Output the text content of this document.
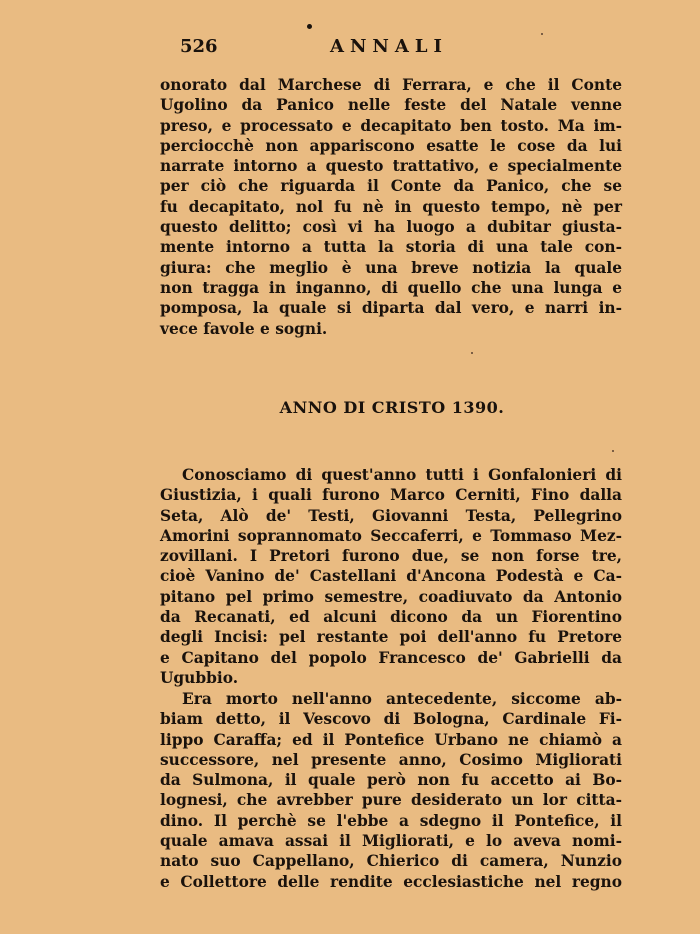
526	ANNALI
onorato dal Marchese di Ferrara, e che il Conte
Ugolino da Panico nelle feste del Natale venne
preso, e processato e decapitato ben tosto. Ma im-
perciocchè non appariscono esatte le cose da lui
narrate intorno a questo trattativo, e specialmente
per ciò che riguarda il Conte da Panico, che se
fu decapitato, nol fu nè in questo tempo, nè per
questo delitto; così vi ha luogo a dubitar giusta-
mente intorno a tutta la storia di una tale con-
giura: che meglio è una breve notizia la quale
non tragga in inganno, di quello che una lunga e
pomposa, la quale si diparta dal vero, e narri in-
vece favole e sogni.
ANNO DI CRISTO 1390.
Conosciamo di quest'anno tutti i Gonfalonieri di
Giustizia, i quali furono Marco Cerniti, Fino dalla
Seta, Alò de' Testi, Giovanni Testa, Pellegrino
Amorini soprannomato Seccaferri, e Tommaso Mez-
zovillani. I Pretori furono due, se non forse tre,
cioè Vanino de' Castellani d'Ancona Podestà e Ca-
pitano pel primo semestre, coadiuvato da Antonio
da Recanati, ed alcuni dicono da un Fiorentino
degli Incisi: pel restante poi dell'anno fu Pretore
e Capitano del popolo Francesco de' Gabrielli da
Ugubbio.
Era morto nell'anno antecedente, siccome ab-
biam detto, il Vescovo di Bologna, Cardinale Fi-
lippo Caraffa; ed il Pontefice Urbano ne chiamò a
successore, nel presente anno, Cosimo Migliorati
da Sulmona, il quale però non fu accetto ai Bo-
lognesi, che avrebber pure desiderato un lor citta-
dino. Il perchè se l'ebbe a sdegno il Pontefice, il
quale amava assai il Migliorati, e lo aveva nomi-
nato suo Cappellano, Chierico di camera, Nunzio
e Collettore delle rendite ecclesiastiche nel regno
